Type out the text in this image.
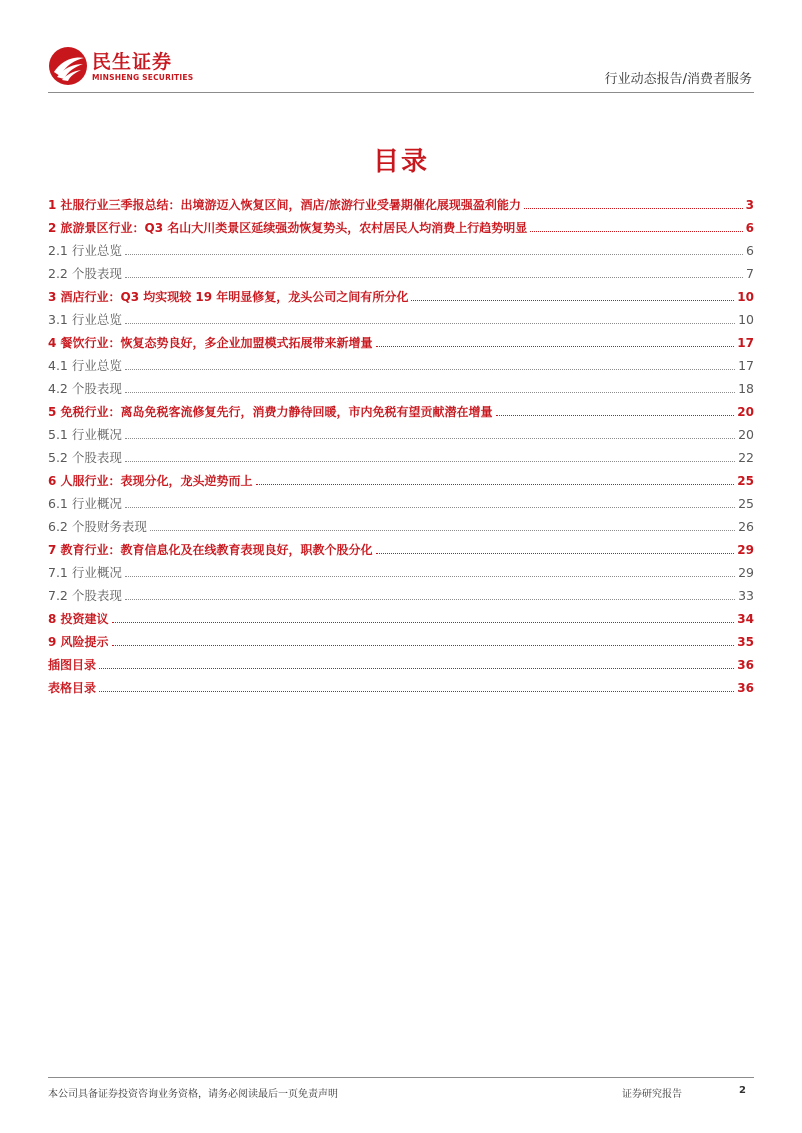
民生证券
MINSHENG SECURITIES	行业动态报告/消费者服务
目录
1 社服行业三季报总结：出境游迈入恢复区间，酒店/旅游行业受暑期催化展现强盈利能力	3
2 旅游景区行业：Q3 名山大川类景区延续强劲恢复势头，农村居民人均消费上行趋势明显	6
2.1 行业总览	6
2.2 个股表现	7
3 酒店行业：Q3 均实现较 19 年明显修复，龙头公司之间有所分化	10
3.1 行业总览	10
4 餐饮行业：恢复态势良好，多企业加盟模式拓展带来新增量	17
4.1 行业总览	17
4.2 个股表现	18
5 免税行业：离岛免税客流修复先行，消费力静待回暖，市内免税有望贡献潜在增量	20
5.1 行业概况	20
5.2 个股表现	22
6 人服行业：表现分化，龙头逆势而上	25
6.1 行业概况	25
6.2 个股财务表现	26
7 教育行业：教育信息化及在线教育表现良好，职教个股分化	29
7.1 行业概况	29
7.2 个股表现	33
8 投资建议	34
9 风险提示	35
插图目录	36
表格目录	36
本公司具备证券投资咨询业务资格，请务必阅读最后一页免责声明	证券研究报告	2
